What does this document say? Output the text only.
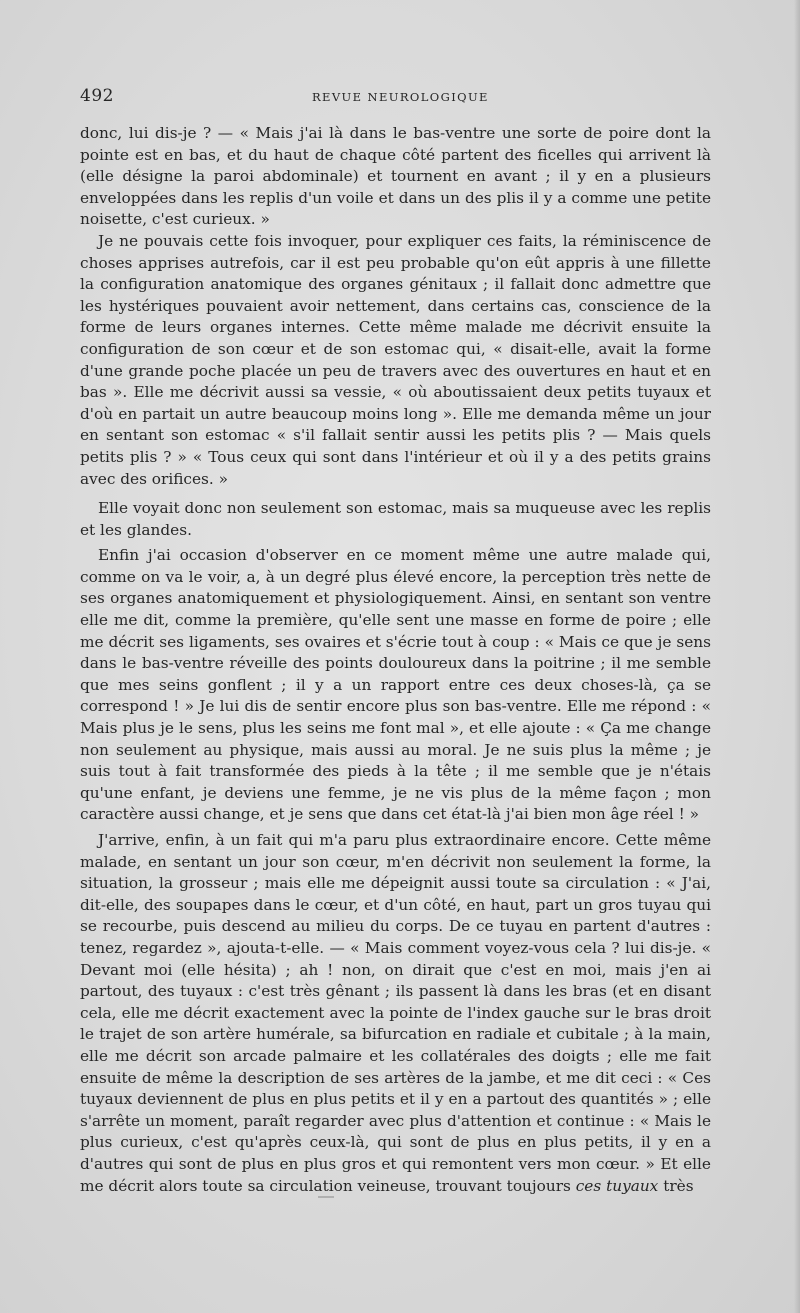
492	REVUE NEUROLOGIQUE

donc, lui dis-je ? — « Mais j'ai là dans le bas-ventre une sorte de poire dont la pointe est en bas, et du haut de chaque côté partent des ficelles qui arrivent là (elle désigne la paroi abdominale) et tournent en avant ; il y en a plusieurs enveloppées dans les replis d'un voile et dans un des plis il y a comme une petite noisette, c'est curieux. »

Je ne pouvais cette fois invoquer, pour expliquer ces faits, la réminiscence de choses apprises autrefois, car il est peu probable qu'on eût appris à une fillette la configuration anatomique des organes génitaux ; il fallait donc admettre que les hystériques pouvaient avoir nettement, dans certains cas, conscience de la forme de leurs organes internes. Cette même malade me décrivit ensuite la configuration de son cœur et de son estomac qui, « disait-elle, avait la forme d'une grande poche placée un peu de travers avec des ouvertures en haut et en bas ». Elle me décrivit aussi sa vessie, « où aboutissaient deux petits tuyaux et d'où en partait un autre beaucoup moins long ». Elle me demanda même un jour en sentant son estomac « s'il fallait sentir aussi les petits plis ? — Mais quels petits plis ? » « Tous ceux qui sont dans l'intérieur et où il y a des petits grains avec des orifices. »

Elle voyait donc non seulement son estomac, mais sa muqueuse avec les replis et les glandes.

Enfin j'ai occasion d'observer en ce moment même une autre malade qui, comme on va le voir, a, à un degré plus élevé encore, la perception très nette de ses organes anatomiquement et physiologiquement. Ainsi, en sentant son ventre elle me dit, comme la première, qu'elle sent une masse en forme de poire ; elle me décrit ses ligaments, ses ovaires et s'écrie tout à coup : « Mais ce que je sens dans le bas-ventre réveille des points douloureux dans la poitrine ; il me semble que mes seins gonflent ; il y a un rapport entre ces deux choses-là, ça se correspond ! » Je lui dis de sentir encore plus son bas-ventre. Elle me répond : « Mais plus je le sens, plus les seins me font mal », et elle ajoute : « Ça me change non seulement au physique, mais aussi au moral. Je ne suis plus la même ; je suis tout à fait transformée des pieds à la tête ; il me semble que je n'étais qu'une enfant, je deviens une femme, je ne vis plus de la même façon ; mon caractère aussi change, et je sens que dans cet état-là j'ai bien mon âge réel ! »

J'arrive, enfin, à un fait qui m'a paru plus extraordinaire encore. Cette même malade, en sentant un jour son cœur, m'en décrivit non seulement la forme, la situation, la grosseur ; mais elle me dépeignit aussi toute sa circulation : « J'ai, dit-elle, des soupapes dans le cœur, et d'un côté, en haut, part un gros tuyau qui se recourbe, puis descend au milieu du corps. De ce tuyau en partent d'autres : tenez, regardez », ajouta-t-elle. — « Mais comment voyez-vous cela ? lui dis-je. « Devant moi (elle hésita) ; ah ! non, on dirait que c'est en moi, mais j'en ai partout, des tuyaux : c'est très gênant ; ils passent là dans les bras (et en disant cela, elle me décrit exactement avec la pointe de l'index gauche sur le bras droit le trajet de son artère humérale, sa bifurcation en radiale et cubitale ; à la main, elle me décrit son arcade palmaire et les collatérales des doigts ; elle me fait ensuite de même la description de ses artères de la jambe, et me dit ceci : « Ces tuyaux deviennent de plus en plus petits et il y en a partout des quantités » ; elle s'arrête un moment, paraît regarder avec plus d'attention et continue : « Mais le plus curieux, c'est qu'après ceux-là, qui sont de plus en plus petits, il y en a d'autres qui sont de plus en plus gros et qui remontent vers mon cœur. » Et elle me décrit alors toute sa circulation veineuse, trouvant toujours ces tuyaux très
